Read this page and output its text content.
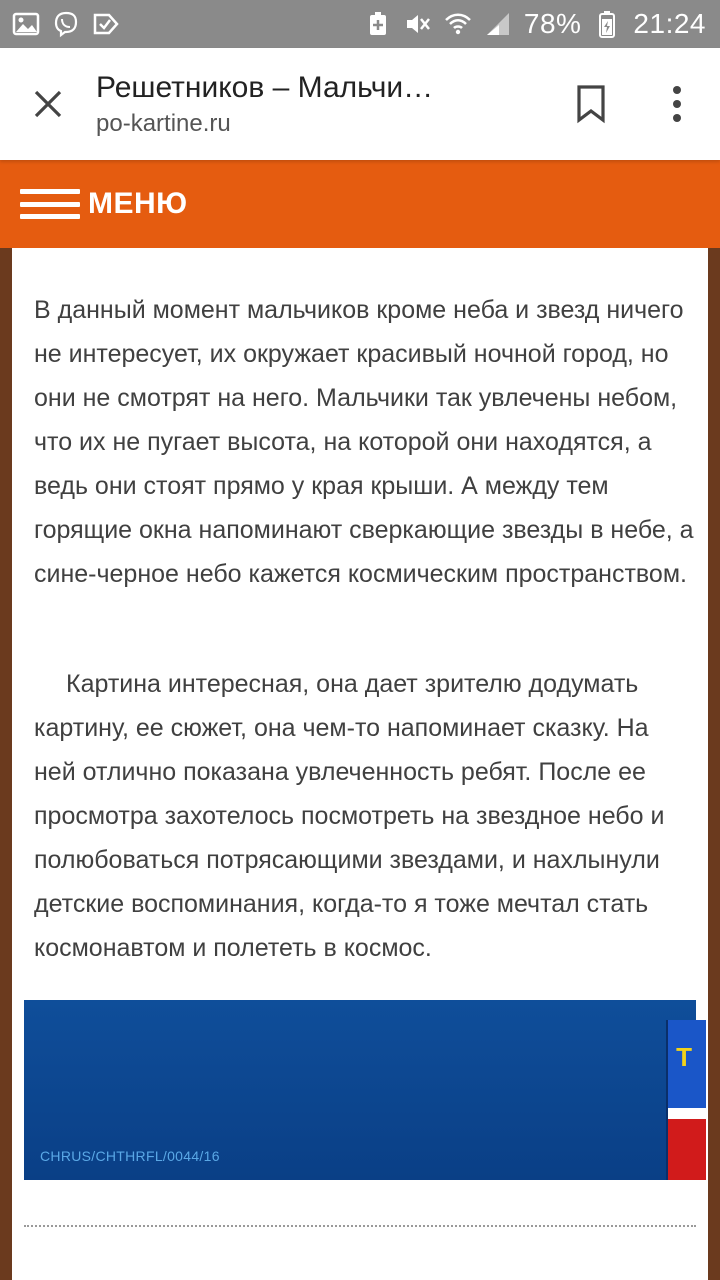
78% 21:24
Решетников – Мальчи…
po-kartine.ru
МЕНЮ

В данный момент мальчиков кроме неба и звезд ничего не интересует, их окружает красивый ночной город, но они не смотрят на него. Мальчики так увлечены небом, что их не пугает высота, на которой они находятся, а ведь они стоят прямо у края крыши. А между тем горящие окна напоминают сверкающие звезды в небе, а сине-черное небо кажется космическим пространством.

Картина интересная, она дает зрителю додумать картину, ее сюжет, она чем-то напоминает сказку. На ней отлично показана увлеченность ребят. После ее просмотра захотелось посмотреть на звездное небо и полюбоваться потрясающими звездами, и нахлынули детские воспоминания, когда-то я тоже мечтал стать космонавтом и полететь в космос.

T
CHRUS/CHTHRFL/0044/16
